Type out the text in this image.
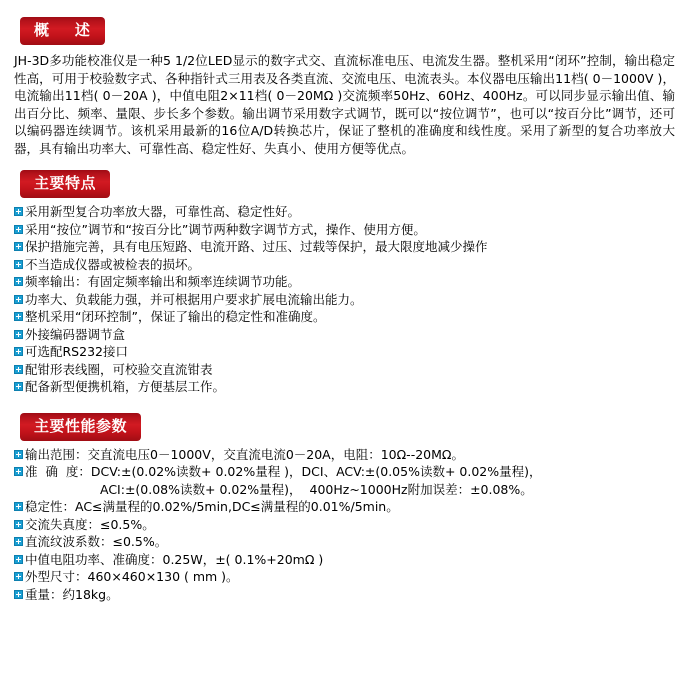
概    述

JH-3D多功能校准仪是一种5 1/2位LED显示的数字式交、直流标准电压、电流发生器。整机采用“闭环”控制，输出稳定性高，可用于校验数字式、各种指针式三用表及各类直流、交流电压、电流表头。本仪器电压输出11档( 0－1000V )，电流输出11档( 0－20A )，中值电阻2×11档( 0－20MΩ )交流频率50Hz、60Hz、400Hz。可以同步显示输出值、输出百分比、频率、量限、步长多个参数。输出调节采用数字式调节，既可以“按位调节”，也可以“按百分比”调节，还可以编码器连续调节。该机采用最新的16位A/D转换芯片，保证了整机的准确度和线性度。采用了新型的复合功率放大器，具有输出功率大、可靠性高、稳定性好、失真小、使用方便等优点。

主要特点
采用新型复合功率放大器，可靠性高、稳定性好。
采用“按位”调节和“按百分比”调节两种数字调节方式，操作、使用方便。
保护措施完善，具有电压短路、电流开路、过压、过载等保护，最大限度地减少操作
不当造成仪器或被检表的损坏。
频率输出：有固定频率输出和频率连续调节功能。
功率大、负载能力强，并可根据用户要求扩展电流输出能力。
整机采用“闭环控制”，保证了输出的稳定性和准确度。
外接编码器调节盒
可选配RS232接口
配钳形表线圈，可校验交直流钳表
配备新型便携机箱，方便基层工作。
主要性能参数
输出范围：交直流电压0－1000V，交直流电流0－20A，电阻：10Ω--20MΩ。
准  确  度：DCV:±(0.02%读数+ 0.02%量程 )，DCI、ACV:±(0.05%读数+ 0.02%量程)，
ACI:±(0.08%读数+ 0.02%量程)，  400Hz~1000Hz附加误差：±0.08%。
稳定性：AC≤满量程的0.02%/5min,DC≤满量程的0.01%/5min。
交流失真度：≤0.5%。
直流纹波系数：≤0.5%。
中值电阻功率、准确度：0.25W，±( 0.1%+20mΩ )
外型尺寸：460×460×130 ( mm )。
重量：约18kg。
